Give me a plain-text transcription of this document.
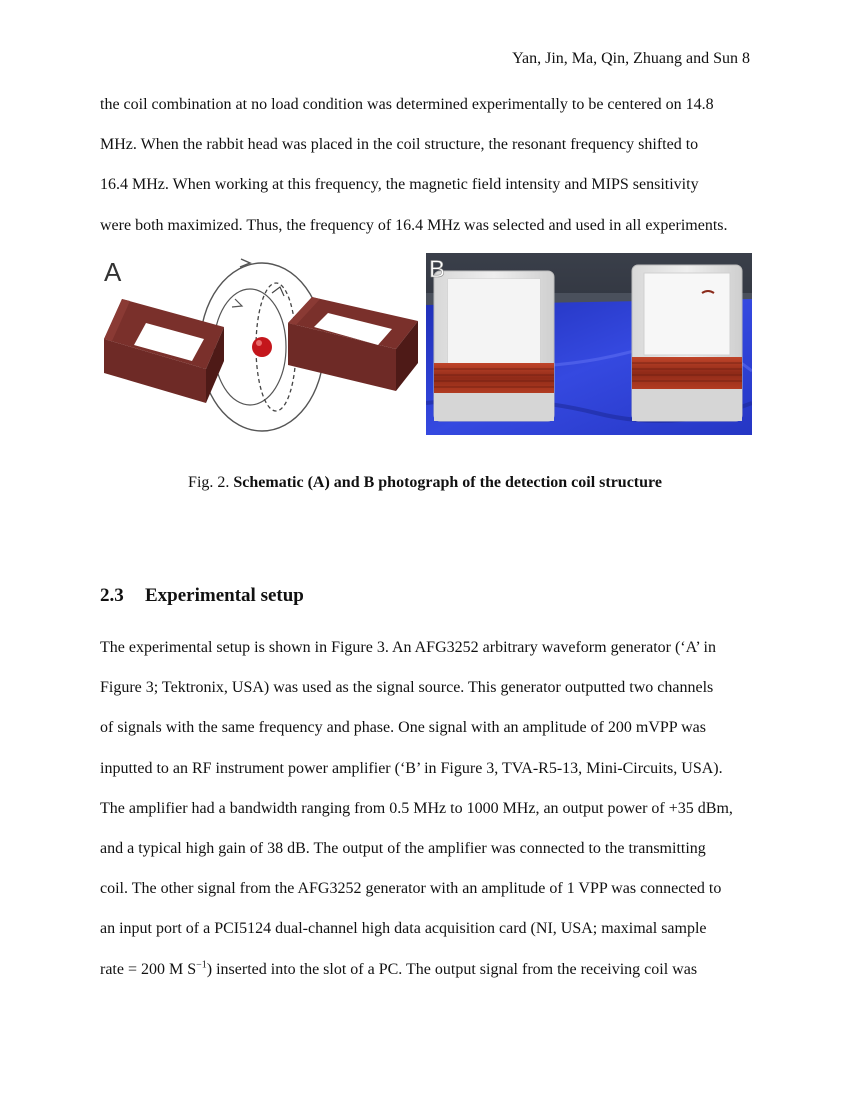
Yan, Jin, Ma, Qin, Zhuang and Sun 8
the coil combination at no load condition was determined experimentally to be centered on 14.8
MHz. When the rabbit head was placed in the coil structure, the resonant frequency shifted to
16.4 MHz. When working at this frequency, the magnetic field intensity and MIPS sensitivity
were both maximized. Thus, the frequency of 16.4 MHz was selected and used in all experiments.
A	B
Fig. 2. Schematic (A) and B photograph of the detection coil structure
2.3 Experimental setup
The experimental setup is shown in Figure 3. An AFG3252 arbitrary waveform generator (‘A’ in
Figure 3; Tektronix, USA) was used as the signal source. This generator outputted two channels
of signals with the same frequency and phase. One signal with an amplitude of 200 mVPP was
inputted to an RF instrument power amplifier (‘B’ in Figure 3, TVA-R5-13, Mini-Circuits, USA).
The amplifier had a bandwidth ranging from 0.5 MHz to 1000 MHz, an output power of +35 dBm,
and a typical high gain of 38 dB. The output of the amplifier was connected to the transmitting
coil. The other signal from the AFG3252 generator with an amplitude of 1 VPP was connected to
an input port of a PCI5124 dual-channel high data acquisition card (NI, USA; maximal sample
rate = 200 M $S^{-1}$) inserted into the slot of a PC. The output signal from the receiving coil was
